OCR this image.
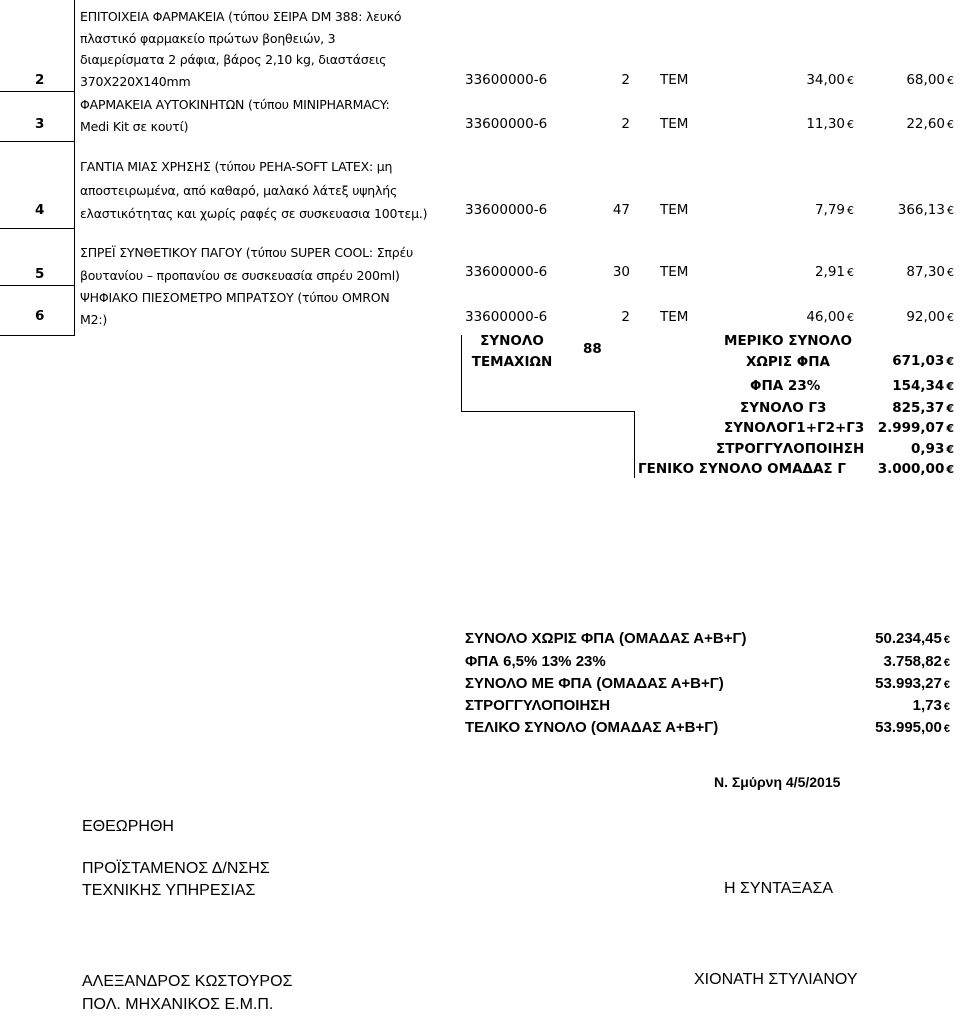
2
ΕΠΙΤΟΙΧΕΙΑ ΦΑΡΜΑΚΕΙΑ (τύπου ΣΕΙΡΑ DM 388: λευκό
πλαστικό φαρμακείο πρώτων βοηθειών, 3
διαμερίσματα 2 ράφια, βάρος 2,10 kg, διαστάσεις
370Χ220Χ140mm	33600000-6	2 ΤΕΜ	34,00 €	68,00 €
3
ΦΑΡΜΑΚΕΙΑ ΑΥΤΟΚΙΝΗΤΩΝ (τύπου MINIPHARMACY:
Medi Kit σε κουτί)	33600000-6	2 ΤΕΜ	11,30 €	22,60 €
4
ΓΑΝΤΙΑ ΜΙΑΣ ΧΡΗΣΗΣ (τύπου PEHA-SOFT LATEX: μη
αποστειρωμένα, από καθαρό, μαλακό λάτεξ υψηλής
ελαστικότητας και χωρίς ραφές σε συσκευασια 100τεμ.)	33600000-6	47 ΤΕΜ	7,79 €	366,13 €
5
ΣΠΡΕΪ ΣΥΝΘΕΤΙΚΟΥ ΠΑΓΟΥ (τύπου SUPER COOL: Σπρέυ
βουτανίου – προπανίου σε συσκευασία σπρέυ 200ml)	33600000-6	30 ΤΕΜ	2,91 €	87,30 €
6
ΨΗΦΙΑΚΟ ΠΙΕΣΟΜΕΤΡΟ ΜΠΡΑΤΣΟΥ (τύπου OMRON
M2:)	33600000-6	2 ΤΕΜ	46,00 €	92,00 €
ΣΥΝΟΛΟ
ΤΕΜΑΧΙΩΝ
88	ΜΕΡΙΚΟ ΣΥΝΟΛΟ
ΧΩΡΙΣ ΦΠΑ	671,03 €
ΦΠΑ 23%	154,34 €
ΣΥΝΟΛΟ Γ3	825,37 €
ΣΥΝΟΛΟΓ1+Γ2+Γ3 2.999,07 €
ΣΤΡΟΓΓΥΛΟΠΟΙΗΣΗ	0,93 €
ΓΕΝΙΚΟ ΣΥΝΟΛΟ ΟΜΑΔΑΣ Γ	3.000,00 €
ΣΥΝΟΛΟ ΧΩΡΙΣ ΦΠΑ (ΟΜΑΔΑΣ Α+Β+Γ)	50.234,45 €
ΦΠΑ 6,5% 13% 23%	3.758,82 €
ΣΥΝΟΛΟ ΜΕ ΦΠΑ (ΟΜΑΔΑΣ Α+Β+Γ)	53.993,27 €
ΣΤΡΟΓΓΥΛΟΠΟΙΗΣΗ	1,73 €
ΤΕΛΙΚΟ ΣΥΝΟΛΟ (ΟΜΑΔΑΣ Α+Β+Γ)	53.995,00 €
Ν. Σμύρνη 4/5/2015
ΕΘΕΩΡΗΘΗ
ΠΡΟΪΣΤΑΜΕΝΟΣ Δ/ΝΣΗΣ
ΤΕΧΝΙΚΗΣ ΥΠΗΡΕΣΙΑΣ	Η ΣΥΝΤΑΞΑΣΑ
ΑΛΕΞΑΝΔΡΟΣ ΚΩΣΤΟΥΡΟΣ
ΠΟΛ. ΜΗΧΑΝΙΚΟΣ Ε.Μ.Π.
ΧΙΟΝΑΤΗ ΣΤΥΛΙΑΝΟΥ
